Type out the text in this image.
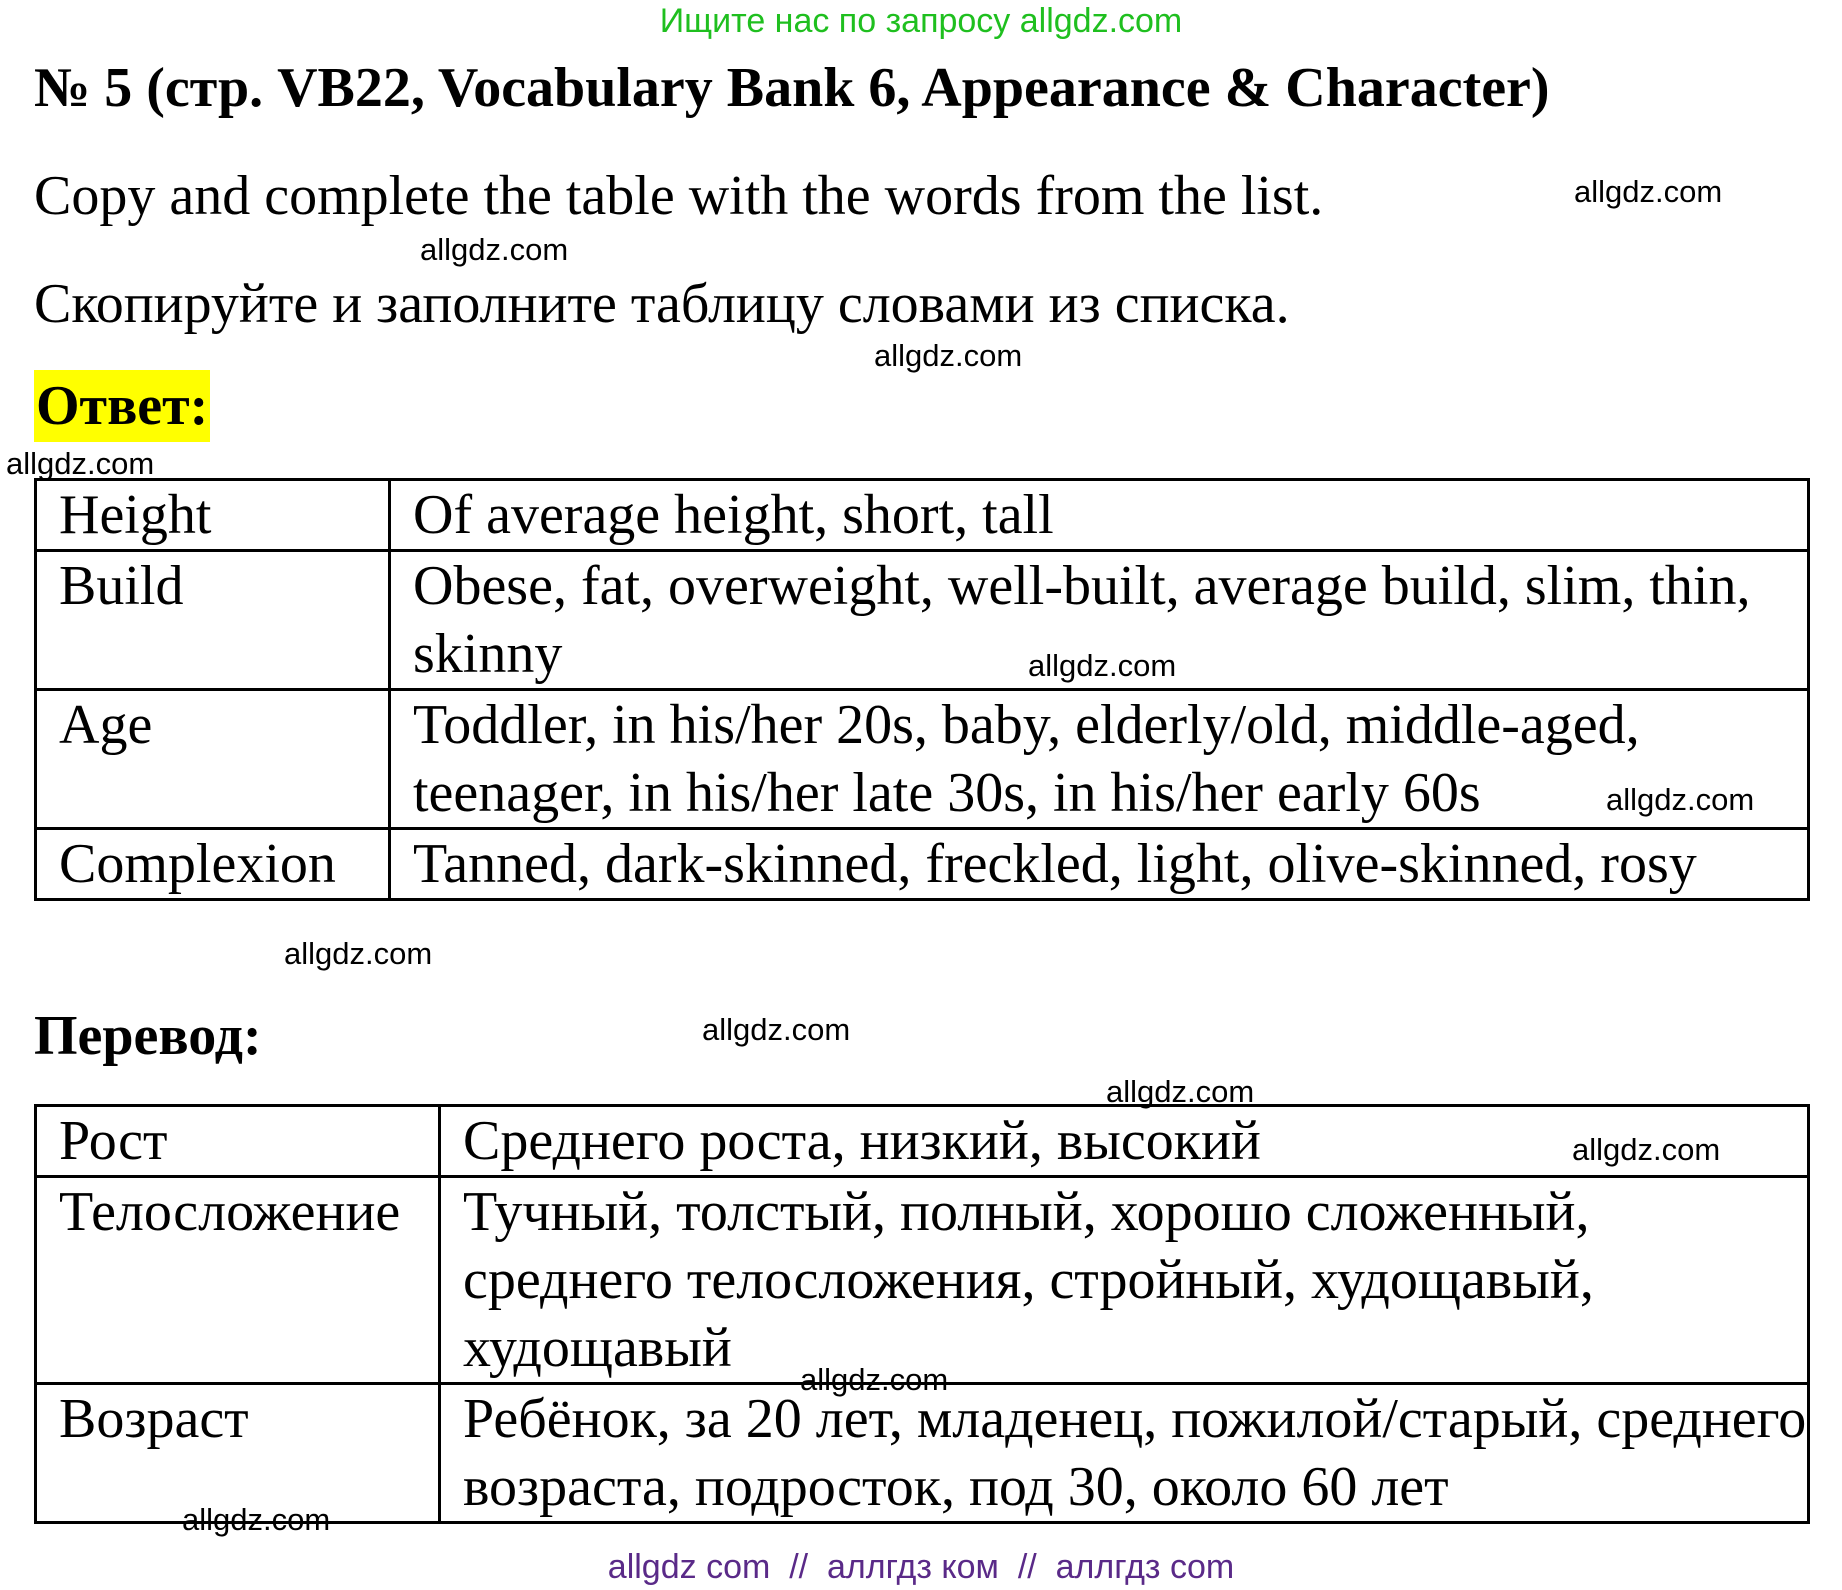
Ищите нас по запросу allgdz.com
№ 5 (стр. VB22, Vocabulary Bank 6, Appearance & Character)
Copy and complete the table with the words from the list.
Скопируйте и заполните таблицу словами из списка.
Ответ:
Height	Of average height, short, tall
Build	Obese, fat, overweight, well-built, average build, slim, thin, skinny
Age	Toddler, in his/her 20s, baby, elderly/old, middle-aged, teenager, in his/her late 30s, in his/her early 60s
Complexion	Tanned, dark-skinned, freckled, light, olive-skinned, rosy
Перевод:
Рост	Среднего роста, низкий, высокий
Телосложение	Тучный, толстый, полный, хорошо сложенный, среднего телосложения, стройный, худощавый, худощавый
Возраст	Ребёнок, за 20 лет, младенец, пожилой/старый, среднего возраста, подросток, под 30, около 60 лет
allgdz.com
allgdz.com
allgdz.com
allgdz.com
allgdz.com
allgdz.com
allgdz.com
allgdz.com
allgdz.com
allgdz.com
allgdz.com
allgdz.com
allgdz com // аллгдз ком // аллгдз com
